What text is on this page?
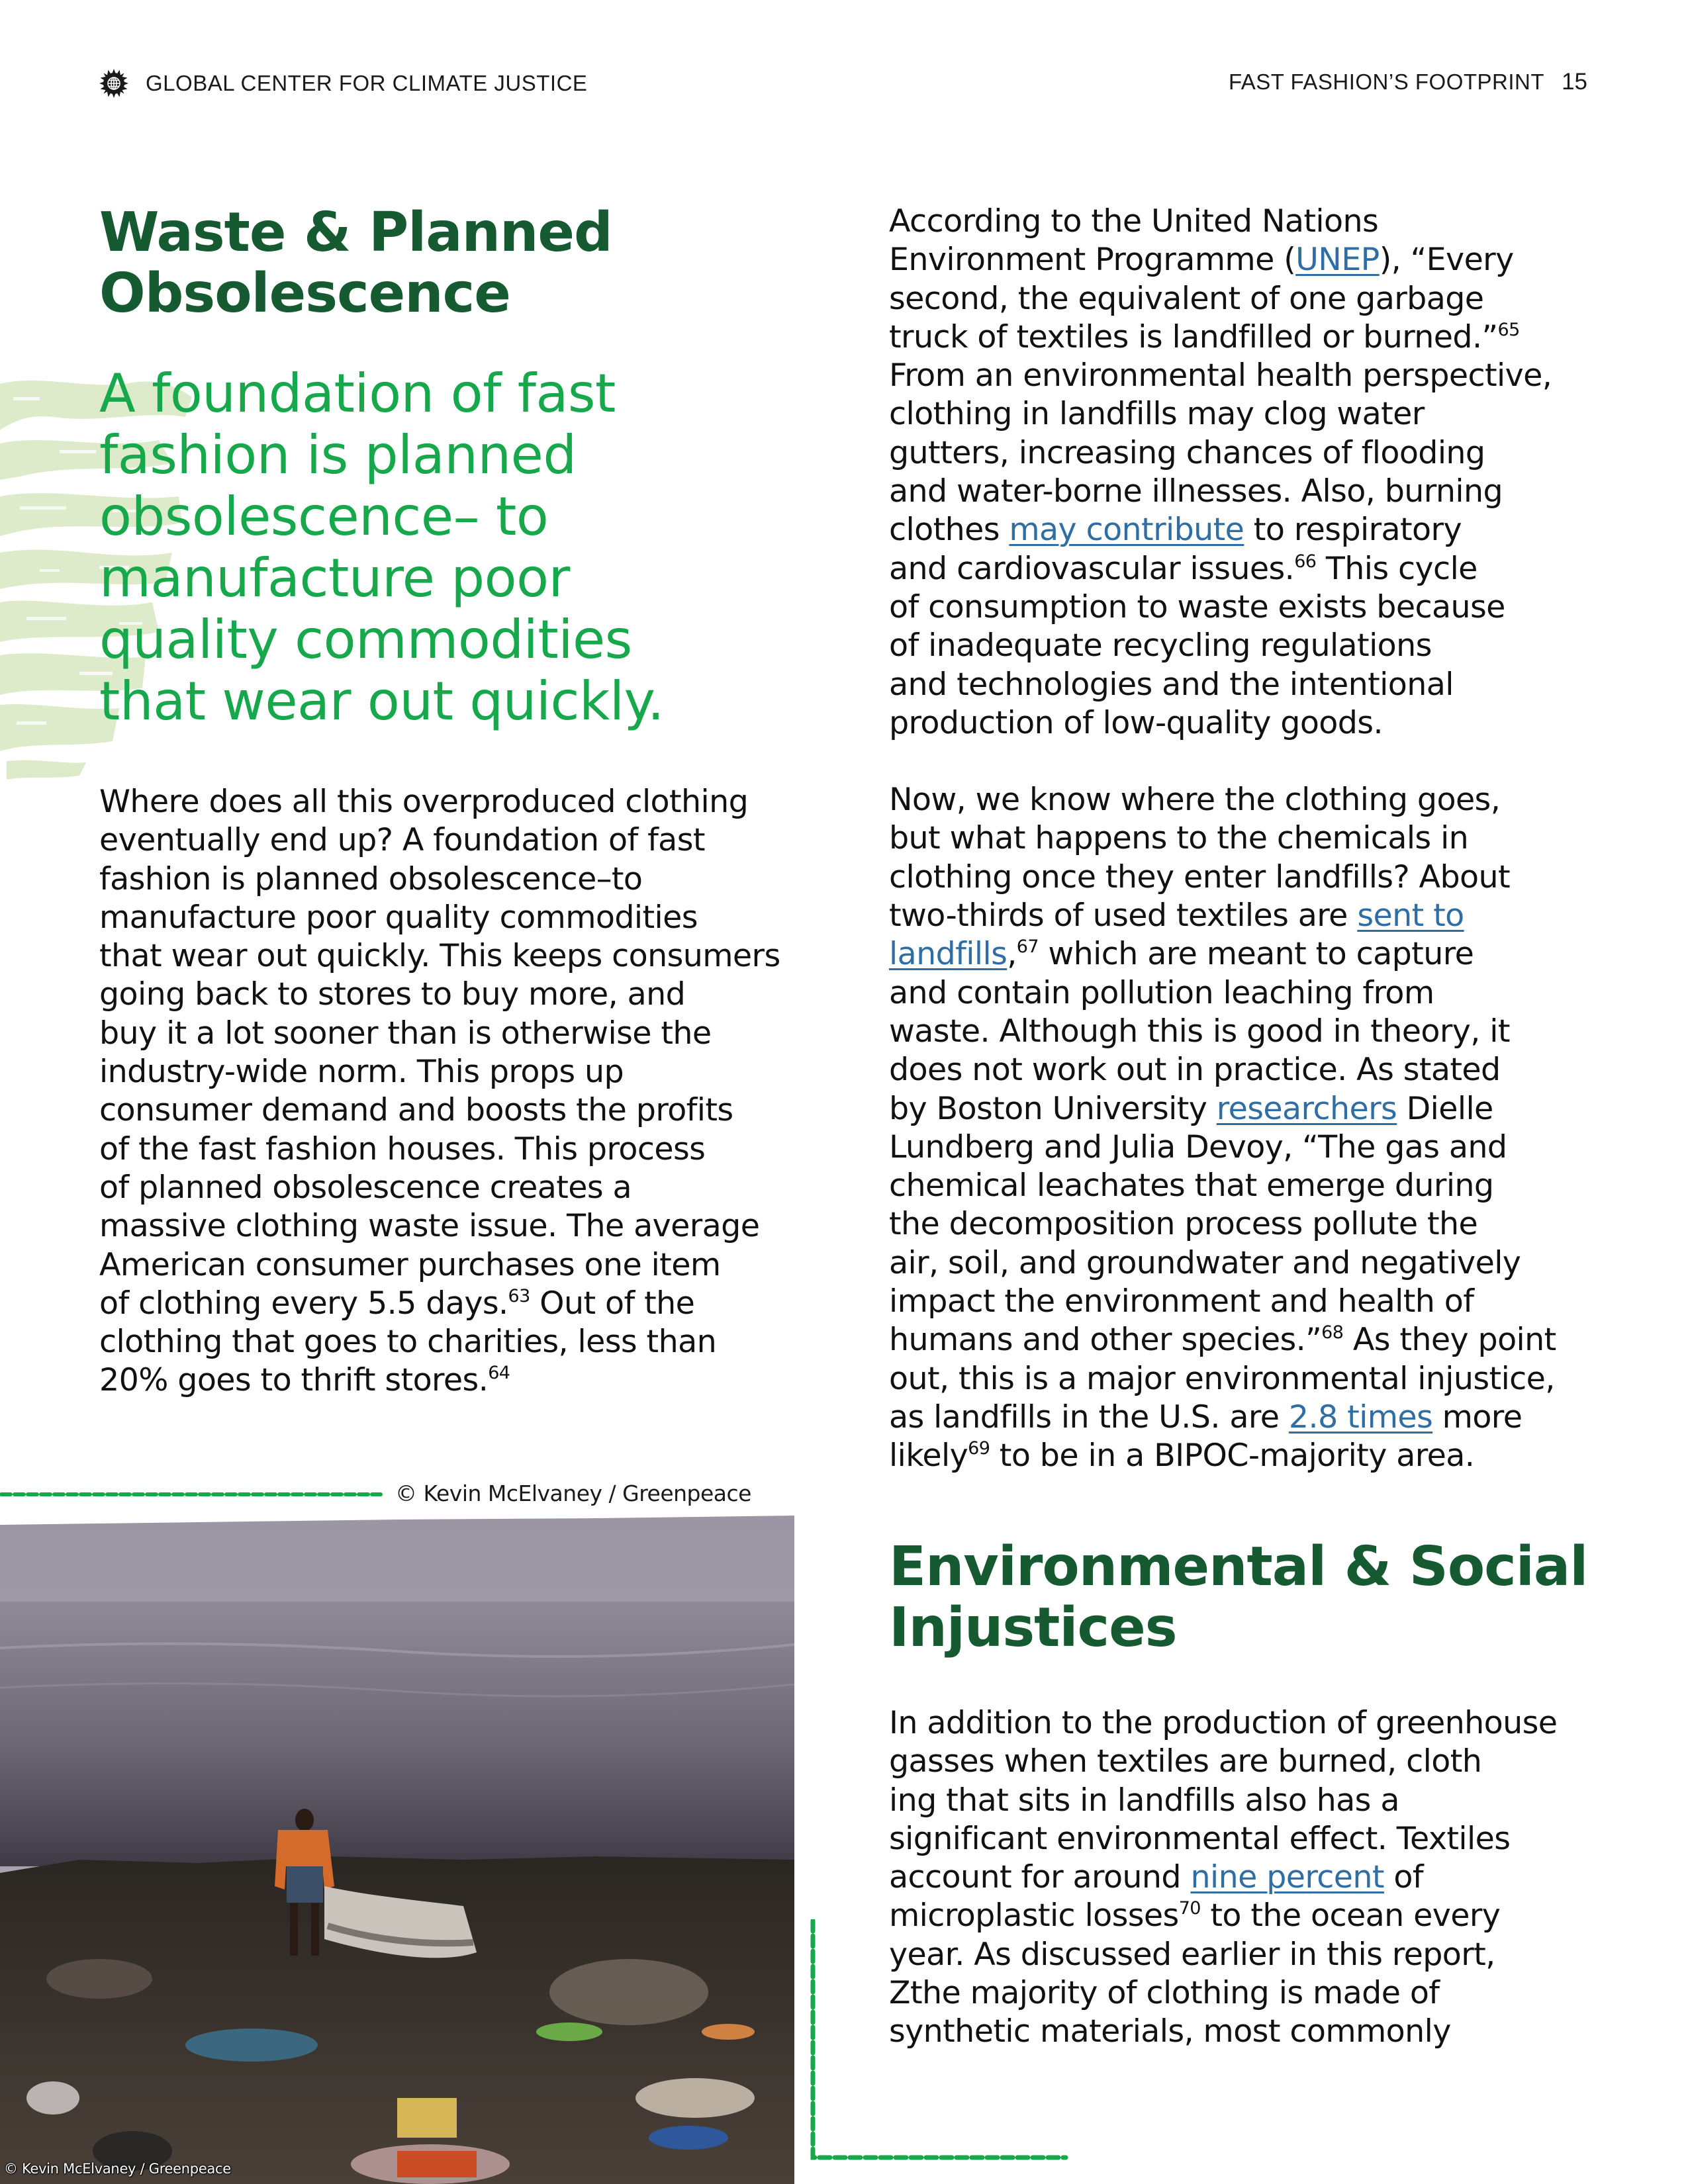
GLOBAL CENTER FOR CLIMATE JUSTICE	FAST FASHION’S FOOTPRINT 15
Waste & Planned
Obsolescence
A foundation of fast
fashion is planned
obsolescence– to
manufacture poor
quality commodities
that wear out quickly.

Where does all this overproduced clothing
eventually end up? A foundation of fast
fashion is planned obsolescence–to
manufacture poor quality commodities
that wear out quickly. This keeps consumers
going back to stores to buy more, and
buy it a lot sooner than is otherwise the
industry-wide norm. This props up
consumer demand and boosts the profits
of the fast fashion houses. This process
of planned obsolescence creates a
massive clothing waste issue. The average
American consumer purchases one item
of clothing every 5.5 days.$^{63}$ Out of the
clothing that goes to charities, less than
20% goes to thrift stores.$^{64}$

According to the United Nations
Environment Programme (UNEP), “Every
second, the equivalent of one garbage
truck of textiles is landfilled or burned.”$^{65}$
From an environmental health perspective,
clothing in landfills may clog water
gutters, increasing chances of flooding
and water-borne illnesses. Also, burning
clothes may contribute to respiratory
and cardiovascular issues.$^{66}$ This cycle
of consumption to waste exists because
of inadequate recycling regulations
and technologies and the intentional
production of low-quality goods.

Now, we know where the clothing goes,
but what happens to the chemicals in
clothing once they enter landfills? About
two-thirds of used textiles are sent to
landfills,$^{67}$ which are meant to capture
and contain pollution leaching from
waste. Although this is good in theory, it
does not work out in practice. As stated
by Boston University researchers Dielle
Lundberg and Julia Devoy, “The gas and
chemical leachates that emerge during
the decomposition process pollute the
air, soil, and groundwater and negatively
impact the environment and health of
humans and other species.”$^{68}$ As they point
out, this is a major environmental injustice,
as landfills in the U.S. are 2.8 times more
likely$^{69}$ to be in a BIPOC-majority area.

Environmental & Social
Injustices

In addition to the production of greenhouse
gasses when textiles are burned, cloth
ing that sits in landfills also has a
significant environmental effect. Textiles
account for around nine percent of
microplastic losses$^{70}$ to the ocean every
year. As discussed earlier in this report,
Zthe majority of clothing is made of
synthetic materials, most commonly

© Kevin McElvaney / Greenpeace
© Kevin McElvaney / Greenpeace
